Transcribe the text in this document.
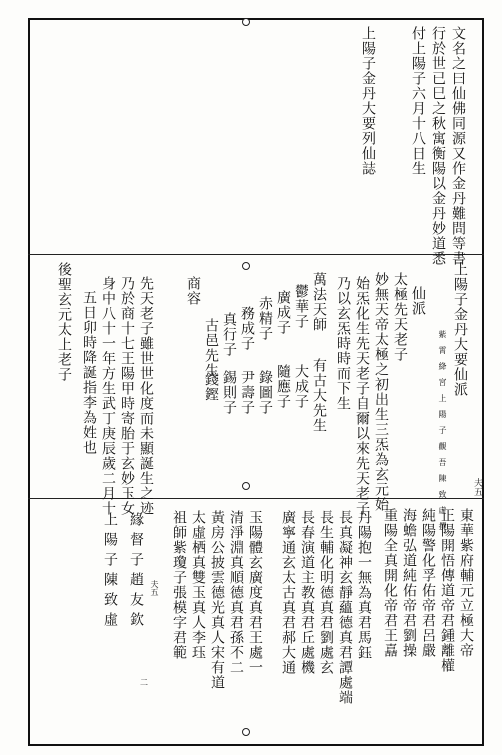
文名之曰仙佛同源又作金丹難問等書
行於世已巳之秋寓衡陽以金丹妙道悉
付上陽子六月十八日生
上陽子金丹大要列仙誌
上陽子金丹大要仙派
夫五
仙派
紫　霄　絳　宮　上　陽　子　觀　吾　陳　致　虛　撰
太極先天老子
妙無天帝太極之初出生三炁為玄元始
始炁化生先天老子自爾以來先天老子
乃以玄炁時時而下生
萬法天師
鬱華子
廣成子
赤精子
務成子
真行子
古邑先生
商容
有古大先生
大成子
隨應子
錄圖子
尹壽子
錫則子
錢鏗
先天老子雖世世化度而未顯誕生之迹
乃於商十七王陽甲時寄胎于玄妙玉女
身中八十一年方生武丁庚辰歲二月十
五日卯時降誕指李為姓也
後聖玄元太上老子
東華紫府輔元立極大帝
正陽開悟傳道帝君鍾離權
純陽警化孚佑帝君呂嚴
海蟾弘道純佑帝君劉操
重陽全真開化帝君王嚞
丹陽抱一無為真君馬鈺
長真凝神玄靜蘊德真君譚處端
長生輔化明德真君劉處玄
長春演道主教真君丘處機
廣寧通玄太古真君郝大通
玉陽體玄廣度真君王處一
清淨淵真順德真君孫不二
黃房公披雲德光真人宋有道
太虛栖真雙玉真人李珏
祖師紫瓊子張模字君範
緣督子趙友欽
上陽子陳致虛	夫五
二
